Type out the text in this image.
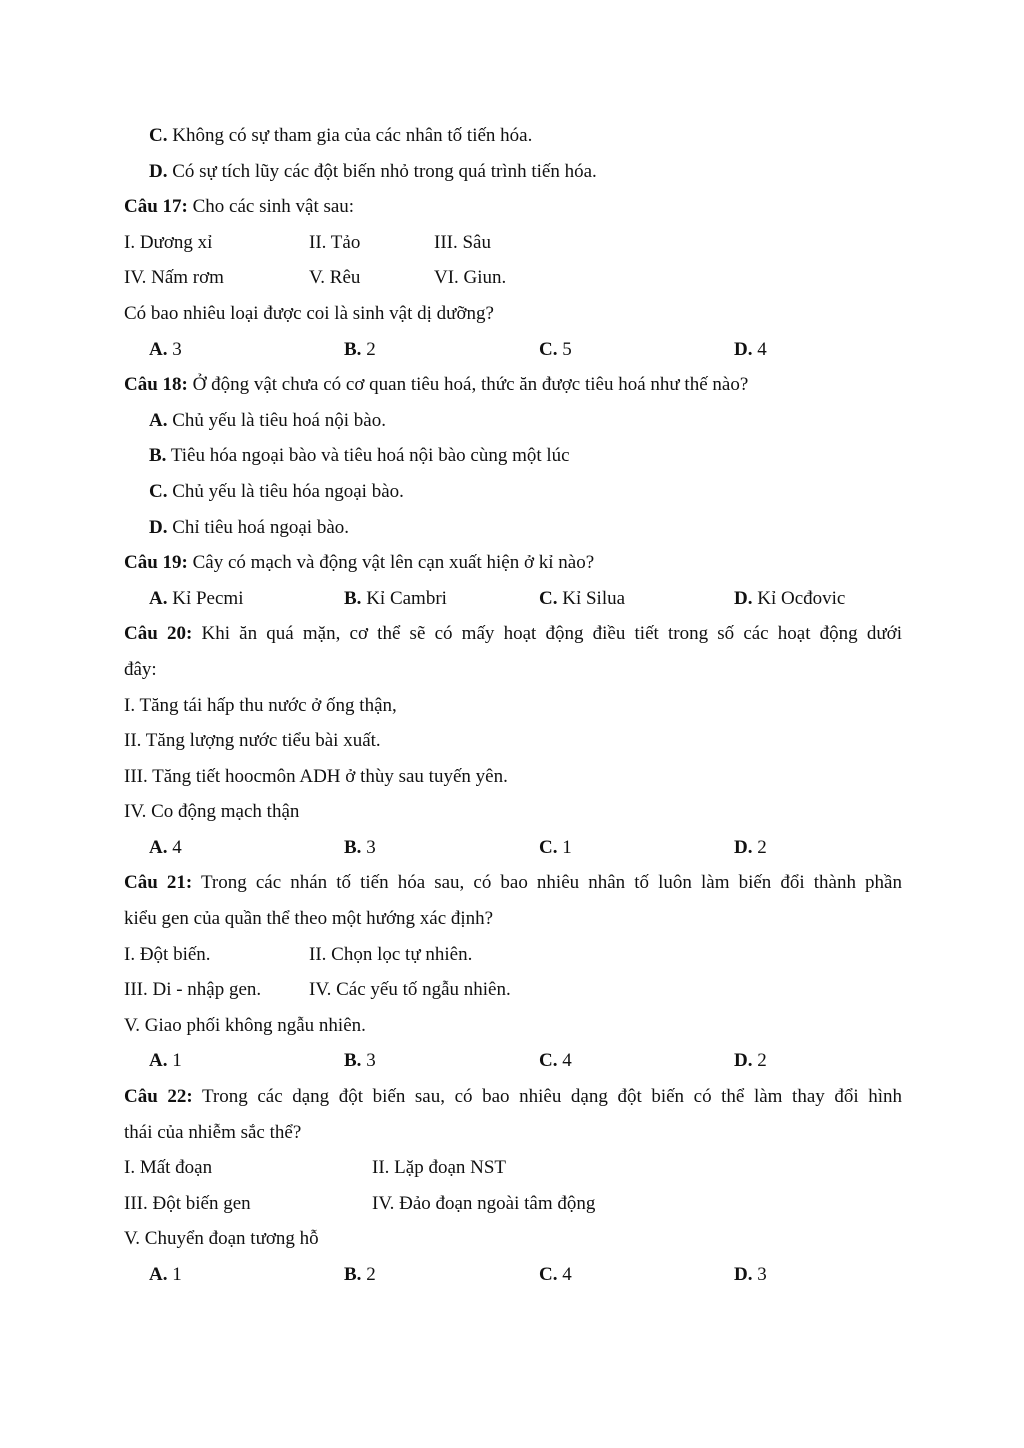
C. Không có sự tham gia của các nhân tố tiến hóa.
D. Có sự tích lũy các đột biến nhỏ trong quá trình tiến hóa.
Câu 17: Cho các sinh vật sau:
I. Dương xỉ	II. Tảo	III. Sâu
IV. Nấm rơm	V. Rêu	VI. Giun.
Có bao nhiêu loại được coi là sinh vật dị dưỡng?
A. 3	B. 2	C. 5	D. 4
Câu 18: Ở động vật chưa có cơ quan tiêu hoá, thức ăn được tiêu hoá như thế nào?
A. Chủ yếu là tiêu hoá nội bào.
B. Tiêu hóa ngoại bào và tiêu hoá nội bào cùng một lúc
C. Chủ yếu là tiêu hóa ngoại bào.
D. Chỉ tiêu hoá ngoại bào.
Câu 19: Cây có mạch và động vật lên cạn xuất hiện ở kỉ nào?
A. Kỉ Pecmi	B. Kỉ Cambri	C. Kỉ Silua	D. Kỉ Ocđovic
Câu 20: Khi ăn quá mặn, cơ thể sẽ có mấy hoạt động điều tiết trong số các hoạt động dưới
đây:
I. Tăng tái hấp thu nước ở ống thận,
II. Tăng lượng nước tiểu bài xuất.
III. Tăng tiết hoocmôn ADH ở thùy sau tuyến yên.
IV. Co động mạch thận
A. 4	B. 3	C. 1	D. 2
Câu 21: Trong các nhán tố tiến hóa sau, có bao nhiêu nhân tố luôn làm biến đổi thành phần
kiểu gen của quần thể theo một hướng xác định?
I. Đột biến.	II. Chọn lọc tự nhiên.
III. Di - nhập gen.	IV. Các yếu tố ngẫu nhiên.
V. Giao phối không ngẫu nhiên.
A. 1	B. 3	C. 4	D. 2
Câu 22: Trong các dạng đột biến sau, có bao nhiêu dạng đột biến có thể làm thay đổi hình
thái của nhiễm sắc thể?
I. Mất đoạn	II. Lặp đoạn NST
III. Đột biến gen	IV. Đảo đoạn ngoài tâm động
V. Chuyển đoạn tương hỗ
A. 1	B. 2	C. 4	D. 3
